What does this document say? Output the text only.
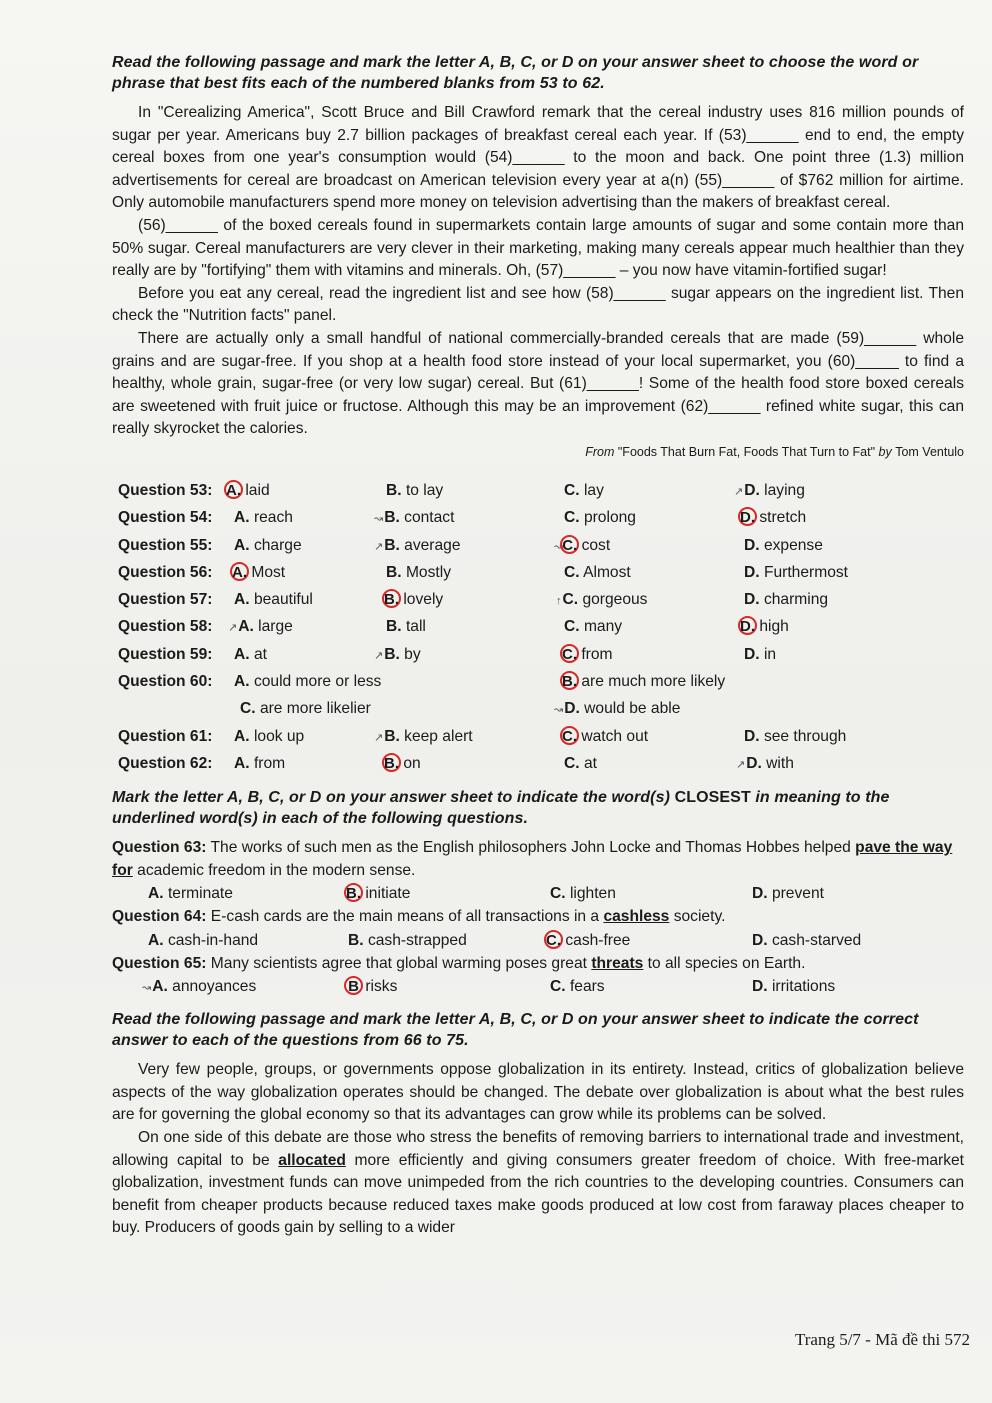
Read the following passage and mark the letter A, B, C, or D on your answer sheet to choose the word or phrase that best fits each of the numbered blanks from 53 to 62.

In "Cerealizing America", Scott Bruce and Bill Crawford remark that the cereal industry uses 816 million pounds of sugar per year. Americans buy 2.7 billion packages of breakfast cereal each year. If (53)______ end to end, the empty cereal boxes from one year's consumption would (54)______ to the moon and back. One point three (1.3) million advertisements for cereal are broadcast on American television every year at a(n) (55)______ of $762 million for airtime. Only automobile manufacturers spend more money on television advertising than the makers of breakfast cereal.

(56)______ of the boxed cereals found in supermarkets contain large amounts of sugar and some contain more than 50% sugar. Cereal manufacturers are very clever in their marketing, making many cereals appear much healthier than they really are by "fortifying" them with vitamins and minerals. Oh, (57)______ – you now have vitamin-fortified sugar!

Before you eat any cereal, read the ingredient list and see how (58)______ sugar appears on the ingredient list. Then check the "Nutrition facts" panel.

There are actually only a small handful of national commercially-branded cereals that are made (59)______ whole grains and are sugar-free. If you shop at a health food store instead of your local supermarket, you (60)_____ to find a healthy, whole grain, sugar-free (or very low sugar) cereal. But (61)______! Some of the health food store boxed cereals are sweetened with fruit juice or fructose. Although this may be an improvement (62)______ refined white sugar, this can really skyrocket the calories.

From "Foods That Burn Fat, Foods That Turn to Fat" by Tom Ventulo

Question 53: A. laid	B. to lay	C. lay	↗D. laying
Question 54: A. reach	↝B. contact	C. prolong	D. stretch
Question 55: A. charge	↗B. average	↝C. cost	D. expense
Question 56: A. Most	B. Mostly	C. Almost	D. Furthermost
Question 57: A. beautiful	B. lovely	↑C. gorgeous	D. charming
Question 58: ↗A. large	B. tall	C. many	D. high
Question 59: A. at	↗B. by	C. from	D. in
Question 60: A. could more or less	B. are much more likely
C. are more likelier	↝D. would be able
Question 61: A. look up	↗B. keep alert	C. watch out	D. see through
Question 62: A. from	B. on	C. at	↗D. with

Mark the letter A, B, C, or D on your answer sheet to indicate the word(s) CLOSEST in meaning to the underlined word(s) in each of the following questions.

Question 63: The works of such men as the English philosophers John Locke and Thomas Hobbes helped pave the way for academic freedom in the modern sense.

A. terminate	B. initiate	C. lighten	D. prevent

Question 64: E-cash cards are the main means of all transactions in a cashless society.

A. cash-in-hand	B. cash-strapped	C. cash-free	D. cash-starved

Question 65: Many scientists agree that global warming poses great threats to all species on Earth.

↝A. annoyances	B risks	C. fears	D. irritations

Read the following passage and mark the letter A, B, C, or D on your answer sheet to indicate the correct answer to each of the questions from 66 to 75.

Very few people, groups, or governments oppose globalization in its entirety. Instead, critics of globalization believe aspects of the way globalization operates should be changed. The debate over globalization is about what the best rules are for governing the global economy so that its advantages can grow while its problems can be solved.

On one side of this debate are those who stress the benefits of removing barriers to international trade and investment, allowing capital to be allocated more efficiently and giving consumers greater freedom of choice. With free-market globalization, investment funds can move unimpeded from the rich countries to the developing countries. Consumers can benefit from cheaper products because reduced taxes make goods produced at low cost from faraway places cheaper to buy. Producers of goods gain by selling to a wider

Trang 5/7 - Mã đề thi 572
